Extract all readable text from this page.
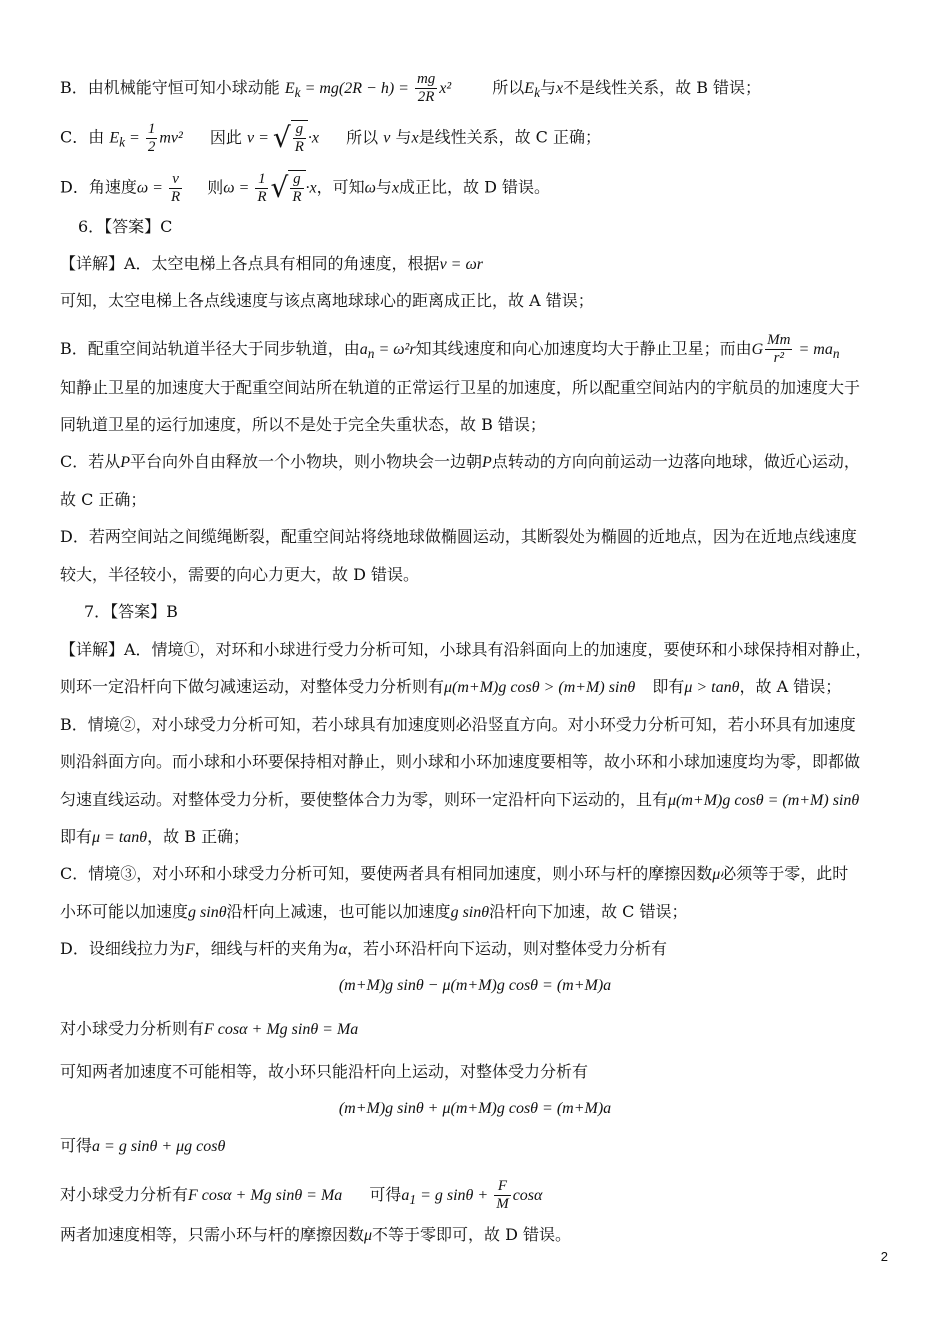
B．由机械能守恒可知小球动能 $E_k = mg(2R - h) = \frac{mg}{2R} x^2$	所以$E_k$与x不是线性关系，故 B 错误；
C．由 $E_k = \frac{1}{2} mv^2$ 因此 v = √ $\frac{g}{R} \cdot x$ 所以 v 与x是线性关系，故 C 正确；
D．角速度$\omega = \frac{v}{R}$ 则$\omega = \frac{1}{R}$ √ $\frac{g}{R} \cdot x$，可知ω与x成正比，故 D 错误。
6．【答案】C
【详解】A．太空电梯上各点具有相同的角速度，根据v = ωr
可知，太空电梯上各点线速度与该点离地球球心的距离成正比，故 A 错误；
B．配重空间站轨道半径大于同步轨道，由$a_n = \omega^2r$知其线速度和向心加速度均大于静止卫星；而由G $\frac{Mm}{\text{r²}} = ma_n$
知静止卫星的加速度大于配重空间站所在轨道的正常运行卫星的加速度，所以配重空间站内的宇航员的加速度大于
同轨道卫星的运行加速度，所以不是处于完全失重状态，故 B 错误；
C．若从P平台向外自由释放一个小物块，则小物块会一边朝P点转动的方向向前运动一边落向地球，做近心运动，
故 C 正确；
D．若两空间站之间缆绳断裂，配重空间站将绕地球做椭圆运动，其断裂处为椭圆的近地点，因为在近地点线速度
较大，半径较小，需要的向心力更大，故 D 错误。
7．【答案】B
【详解】A．情境①，对环和小球进行受力分析可知，小球具有沿斜面向上的加速度，要使环和小球保持相对静止，
则环一定沿杆向下做匀减速运动，对整体受力分析则有μ(m+M)g cosθ > (m+M) sinθ 即有μ > tanθ，故 A 错误；
B．情境②，对小球受力分析可知，若小球具有加速度则必沿竖直方向。对小环受力分析可知，若小环具有加速度
则沿斜面方向。而小球和小环要保持相对静止，则小球和小环加速度要相等，故小环和小球加速度均为零，即都做
匀速直线运动。对整体受力分析，要使整体合力为零，则环一定沿杆向下运动的，且有μ(m+M)g cosθ = (m+M) sinθ
即有μ = tanθ，故 B 正确；
C．情境③，对小环和小球受力分析可知，要使两者具有相同加速度，则小环与杆的摩擦因数μ必须等于零，此时
小环可能以加速度g sinθ沿杆向上减速，也可能以加速度g sinθ沿杆向下加速，故 C 错误；
D．设细线拉力为F，细线与杆的夹角为α，若小环沿杆向下运动，则对整体受力分析有
(m+M)g sinθ − μ(m+M)g cosθ = (m+M)a
对小球受力分析则有F cosα + Mg sinθ = Ma
可知两者加速度不可能相等，故小环只能沿杆向上运动，对整体受力分析有
(m+M)g sinθ + μ(m+M)g cosθ = (m+M)a
可得a = g sinθ + μg cosθ
对小球受力分析有F cosα + Mg sinθ = Ma 可得$a_1 = g$ $\sin\theta + \frac{F}{M}$ cosα
两者加速度相等，只需小环与杆的摩擦因数μ不等于零即可，故 D 错误。
2
